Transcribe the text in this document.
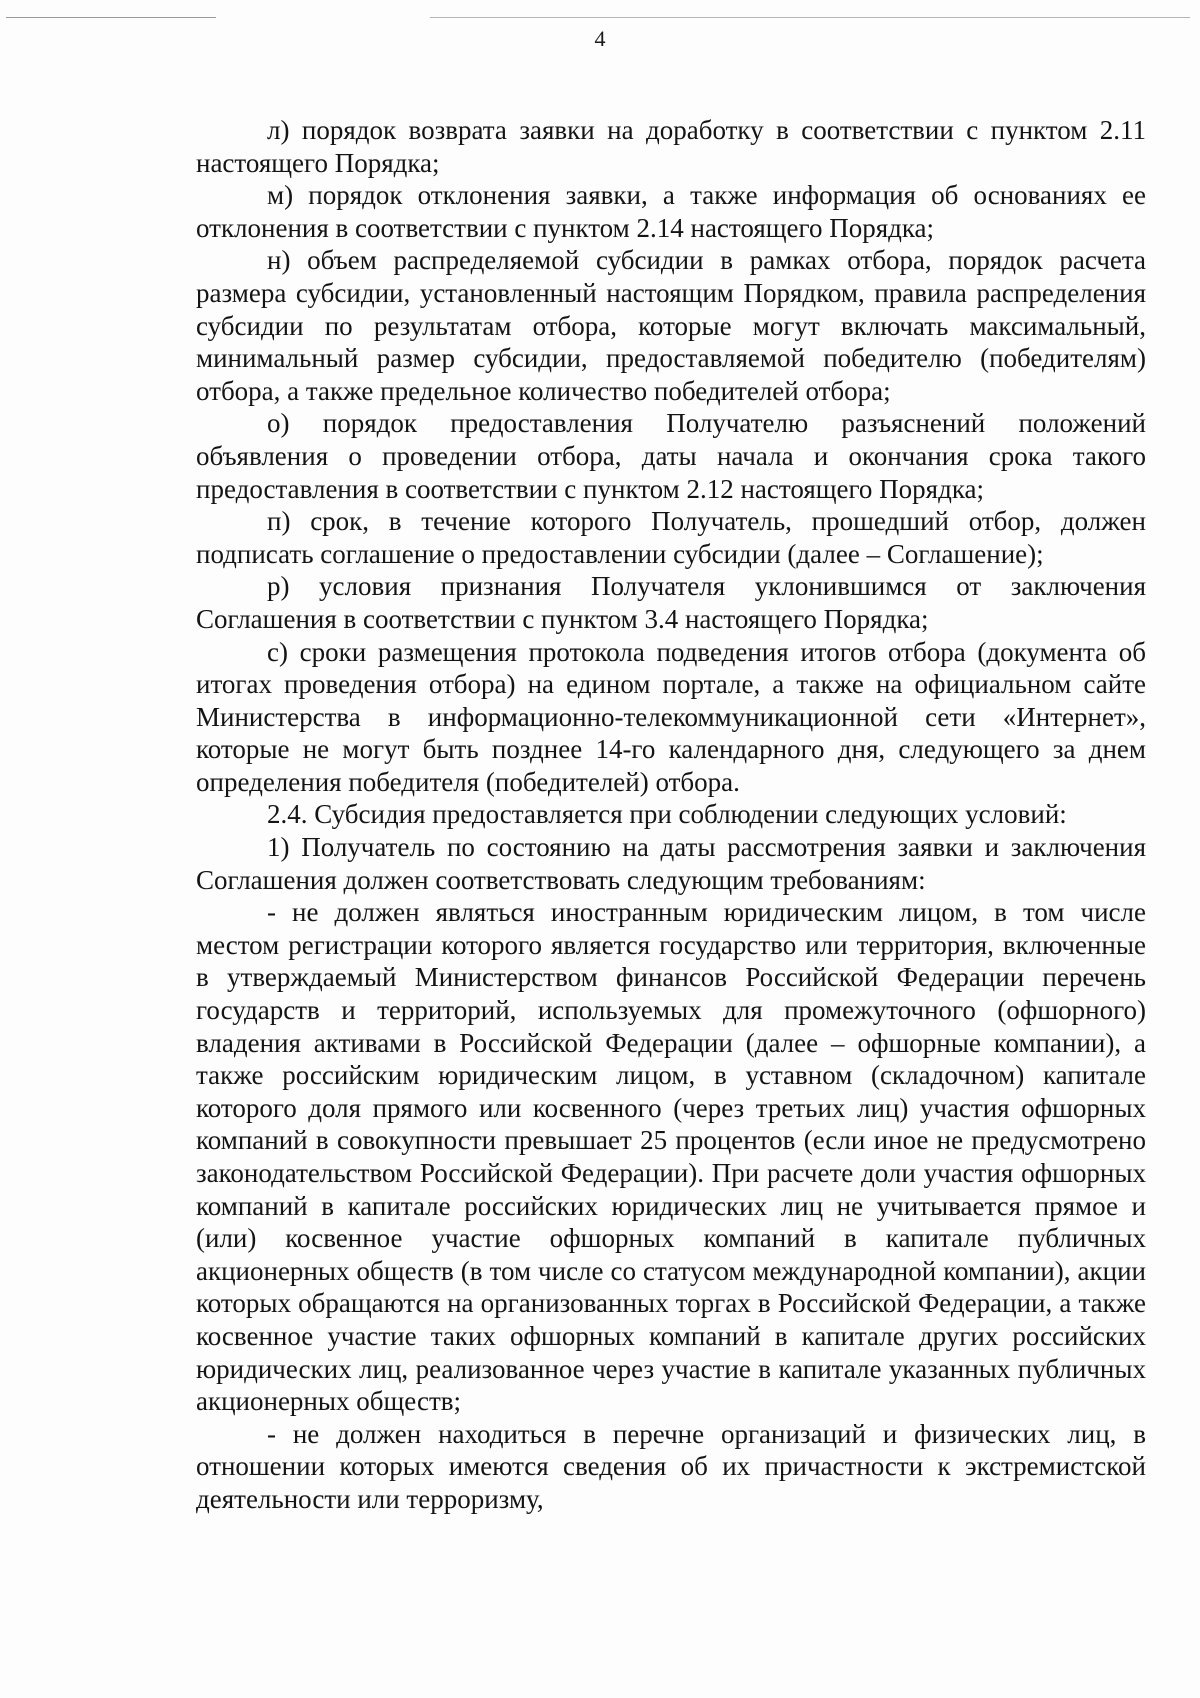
4

л) порядок возврата заявки на доработку в соответствии с пунктом 2.11 настоящего Порядка;

м) порядок отклонения заявки, а также информация об основаниях ее отклонения в соответствии с пунктом 2.14 настоящего Порядка;

н) объем распределяемой субсидии в рамках отбора, порядок расчета размера субсидии, установленный настоящим Порядком, правила распределения субсидии по результатам отбора, которые могут включать максимальный, минимальный размер субсидии, предоставляемой победителю (победителям) отбора, а также предельное количество победителей отбора;

о) порядок предоставления Получателю разъяснений положений объявления о проведении отбора, даты начала и окончания срока такого предоставления в соответствии с пунктом 2.12 настоящего Порядка;

п) срок, в течение которого Получатель, прошедший отбор, должен подписать соглашение о предоставлении субсидии (далее – Соглашение);

р) условия признания Получателя уклонившимся от заключения Соглашения в соответствии с пунктом 3.4 настоящего Порядка;

с) сроки размещения протокола подведения итогов отбора (документа об итогах проведения отбора) на едином портале, а также на официальном сайте Министерства в информационно-телекоммуникационной сети «Интернет», которые не могут быть позднее 14-го календарного дня, следующего за днем определения победителя (победителей) отбора.

2.4. Субсидия предоставляется при соблюдении следующих условий:

1) Получатель по состоянию на даты рассмотрения заявки и заключения Соглашения должен соответствовать следующим требованиям:

- не должен являться иностранным юридическим лицом, в том числе местом регистрации которого является государство или территория, включенные в утверждаемый Министерством финансов Российской Федерации перечень государств и территорий, используемых для промежуточного (офшорного) владения активами в Российской Федерации (далее – офшорные компании), а также российским юридическим лицом, в уставном (складочном) капитале которого доля прямого или косвенного (через третьих лиц) участия офшорных компаний в совокупности превышает 25 процентов (если иное не предусмотрено законодательством Российской Федерации). При расчете доли участия офшорных компаний в капитале российских юридических лиц не учитывается прямое и (или) косвенное участие офшорных компаний в капитале публичных акционерных обществ (в том числе со статусом международной компании), акции которых обращаются на организованных торгах в Российской Федерации, а также косвенное участие таких офшорных компаний в капитале других российских юридических лиц, реализованное через участие в капитале указанных публичных акционерных обществ;

- не должен находиться в перечне организаций и физических лиц, в отношении которых имеются сведения об их причастности к экстремистской деятельности или терроризму,
